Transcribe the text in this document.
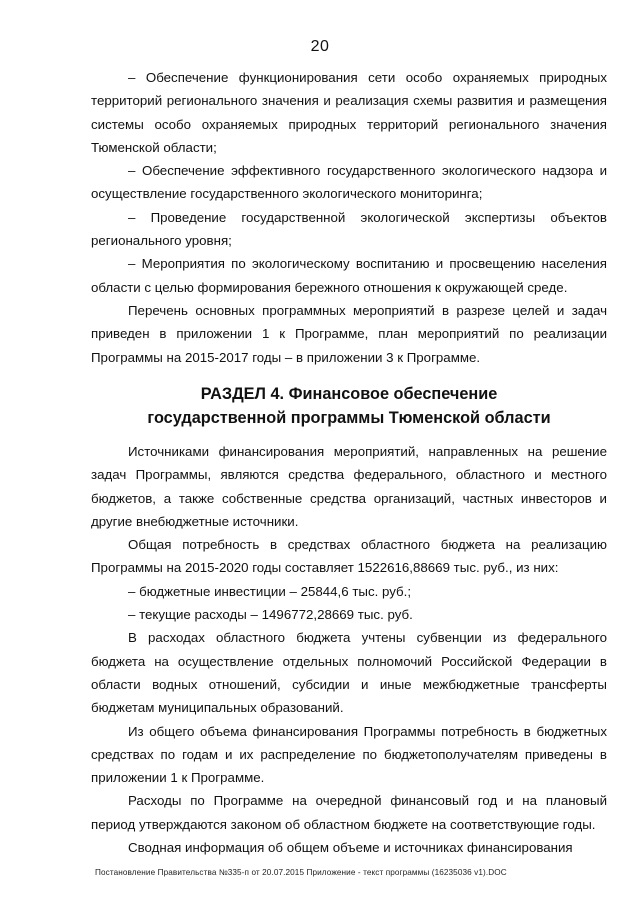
20

– Обеспечение функционирования сети особо охраняемых природных территорий регионального значения и реализация схемы развития и размещения системы особо охраняемых природных территорий регионального значения Тюменской области;

– Обеспечение эффективного государственного экологического надзора и осуществление государственного экологического мониторинга;

– Проведение государственной экологической экспертизы объектов регионального уровня;

– Мероприятия по экологическому воспитанию и просвещению населения области с целью формирования бережного отношения к окружающей среде.

Перечень основных программных мероприятий в разрезе целей и задач приведен в приложении 1 к Программе, план мероприятий по реализации Программы на 2015-2017 годы – в приложении 3 к Программе.

РАЗДЕЛ 4. Финансовое обеспечение
государственной программы Тюменской области

Источниками финансирования мероприятий, направленных на решение задач Программы, являются средства федерального, областного и местного бюджетов, а также собственные средства организаций, частных инвесторов и другие внебюджетные источники.

Общая потребность в средствах областного бюджета на реализацию Программы на 2015-2020 годы составляет 1522616,88669 тыс. руб., из них:

– бюджетные инвестиции – 25844,6 тыс. руб.;

– текущие расходы – 1496772,28669 тыс. руб.

В расходах областного бюджета учтены субвенции из федерального бюджета на осуществление отдельных полномочий Российской Федерации в области водных отношений, субсидии и иные межбюджетные трансферты бюджетам муниципальных образований.

Из общего объема финансирования Программы потребность в бюджетных средствах по годам и их распределение по бюджетополучателям приведены в приложении 1 к Программе.

Расходы по Программе на очередной финансовый год и на плановый период утверждаются законом об областном бюджете на соответствующие годы.

Сводная информация об общем объеме и источниках финансирования

Постановление Правительства №335-п от 20.07.2015 Приложение - текст программы (16235036 v1).DOC
